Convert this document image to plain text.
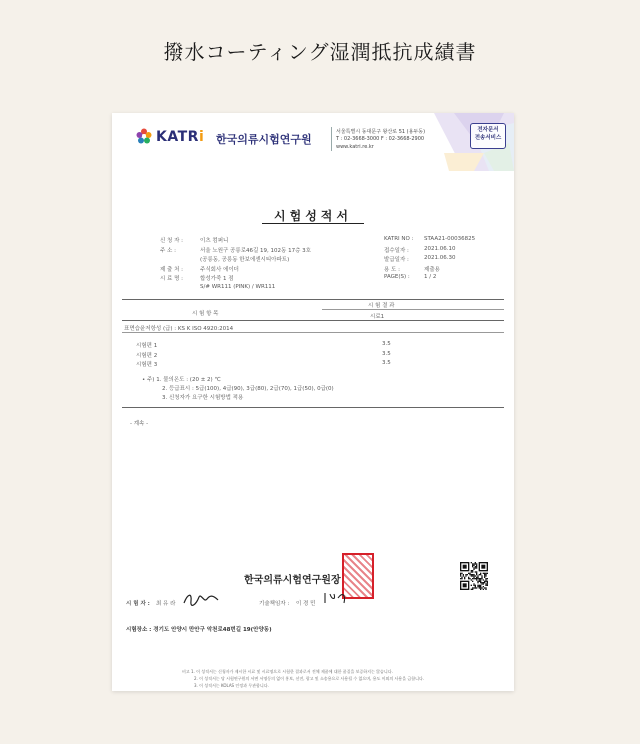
撥水コーティング湿潤抵抗成績書
KATRi 한국의류시험연구원
서울특별시 동대문구 왕산로 51 (용두동)
T : 02-3668-3000 F : 02-3668-2900
www.katri.re.kr
전자문서
전송서비스
시험성적서
신 청 자 :	이츠 컴퍼니
주 소 :	서울 노원구 공릉로46길 19, 102동 17층 3호
(공릉동, 공릉동 한보에센시티아파트)
제 출 처 :	주식회사 에이더
시 료 명 :	합성가죽 1 점
S/# WR111 (PINK) / WR111
KATRI NO : STAA21-00036825
접수일자 :	2021.06.10
발급일자 :	2021.06.30
용 도 :	제출용
PAGE(S) :	1 / 2
시 험 항 목
시 험 결 과
시료1
표면습윤저항성 (급) : KS K ISO 4920:2014
시험편 1	3.5
시험편 2	3.5
시험편 3	3.5
• 주) 1. 물의온도 : (20 ± 2) ℃
2. 등급표시 : 5급(100), 4급(90), 3급(80), 2급(70), 1급(50), 0급(0)
3. 신청자가 요구한 시험방법 적용
- 계속 -
한국의류시험연구원장
시 험 자 : 최 유 라	기술책임자 : 이 경 민
시험장소 : 경기도 안양시 만안구 악천로48번길 19(안양동)
비고 1. 이 성적서는 신청자가 제시한 시료 및 시료명으로 시험한 결과로서 전체 제품에 대한 품질을 보증하지는 않습니다.
2. 이 성적서는 당 시험연구원의 서면 서명동의 없이 홍보, 선전, 광고 및 소송용으로 사용될 수 없으며, 용도 이외의 사용을 금합니다.
3. 이 성적서는 KOLAS 인정과 무관합니다.
